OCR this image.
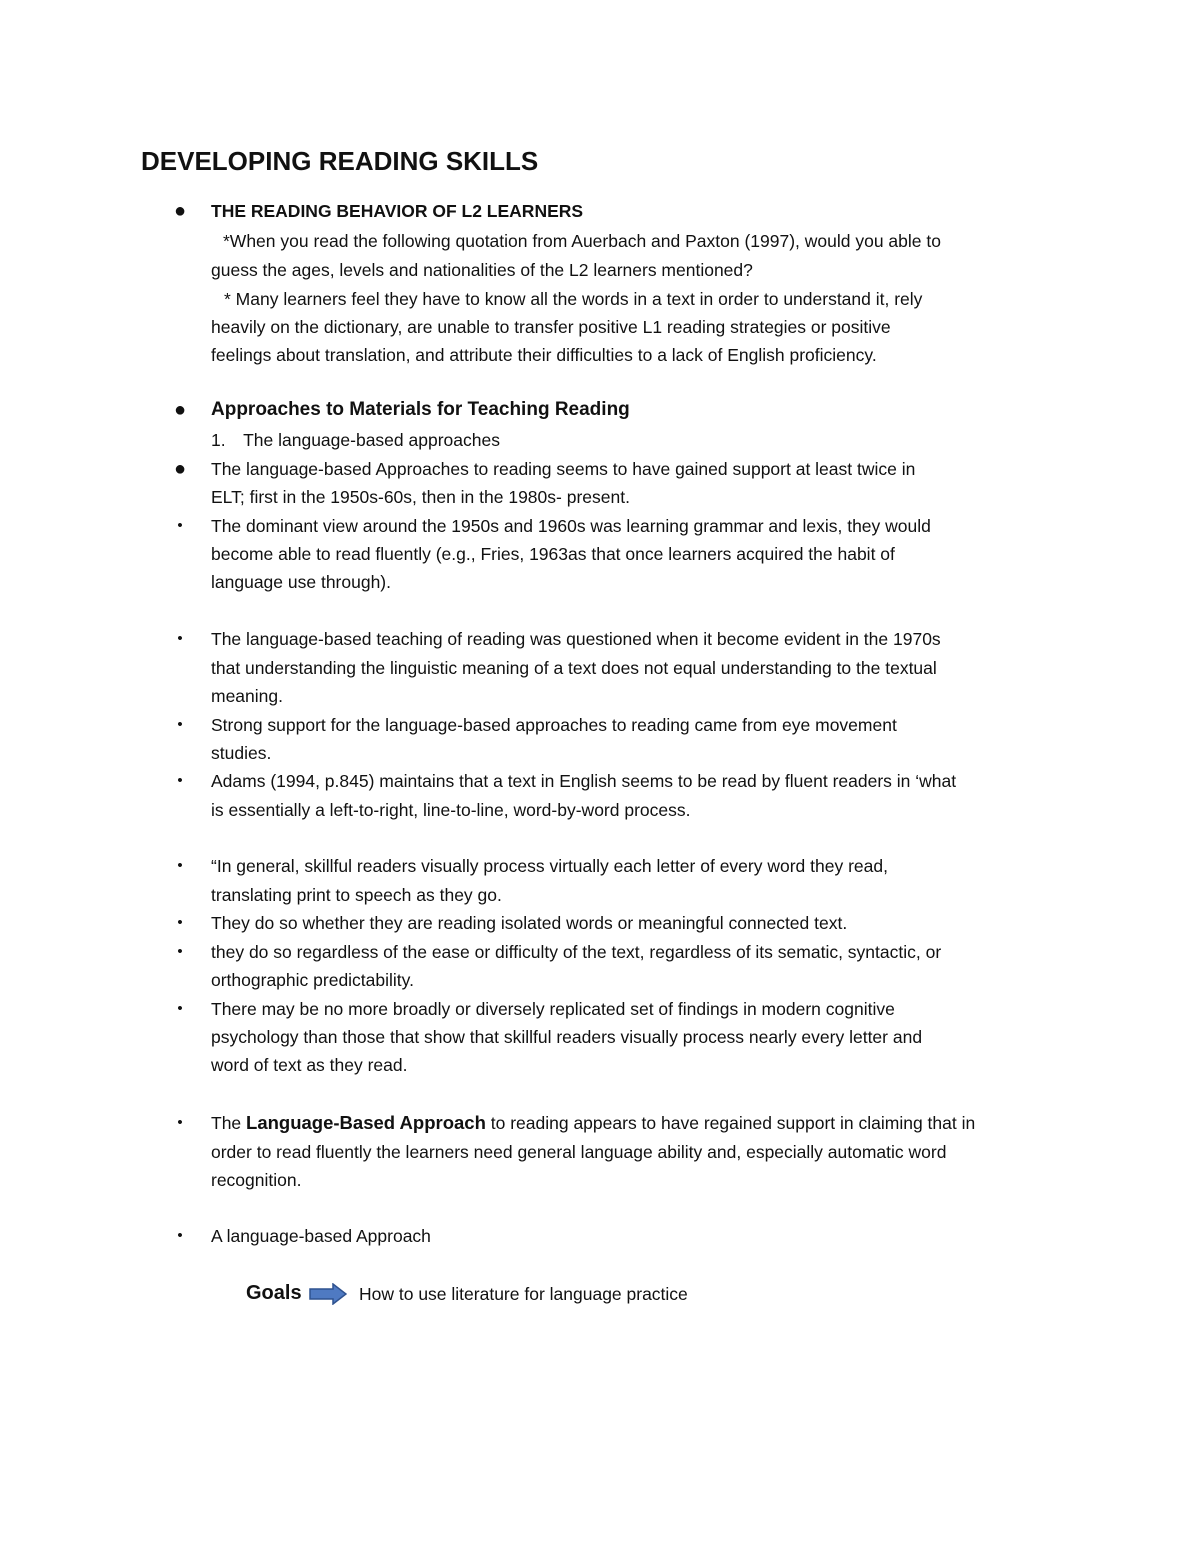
DEVELOPING READING SKILLS
● THE READING BEHAVIOR OF L2 LEARNERS
*When you read the following quotation from Auerbach and Paxton (1997), would you able to
guess the ages, levels and nationalities of the L2 learners mentioned?
* Many learners feel they have to know all the words in a text in order to understand it, rely
heavily on the dictionary, are unable to transfer positive L1 reading strategies or positive
feelings about translation, and attribute their difficulties to a lack of English proficiency.
● Approaches to Materials for Teaching Reading
1. The language-based approaches
● The language-based Approaches to reading seems to have gained support at least twice in
ELT; first in the 1950s-60s, then in the 1980s- present.
•	The dominant view around the 1950s and 1960s was learning grammar and lexis, they would
become able to read fluently (e.g., Fries, 1963as that once learners acquired the habit of
language use through).
•	The language-based teaching of reading was questioned when it become evident in the 1970s
that understanding the linguistic meaning of a text does not equal understanding to the textual
meaning.
•	Strong support for the language-based approaches to reading came from eye movement
studies.
•	Adams (1994, p.845) maintains that a text in English seems to be read by fluent readers in ‘what
is essentially a left-to-right, line-to-line, word-by-word process.
•	“In general, skillful readers visually process virtually each letter of every word they read,
translating print to speech as they go.
•	They do so whether they are reading isolated words or meaningful connected text.
•	they do so regardless of the ease or difficulty of the text, regardless of its sematic, syntactic, or
orthographic predictability.
•	There may be no more broadly or diversely replicated set of findings in modern cognitive
psychology than those that show that skillful readers visually process nearly every letter and
word of text as they read.
•	The Language-Based Approach to reading appears to have regained support in claiming that in
order to read fluently the learners need general language ability and, especially automatic word
recognition.
•	A language-based Approach
Goals	How to use literature for language practice
